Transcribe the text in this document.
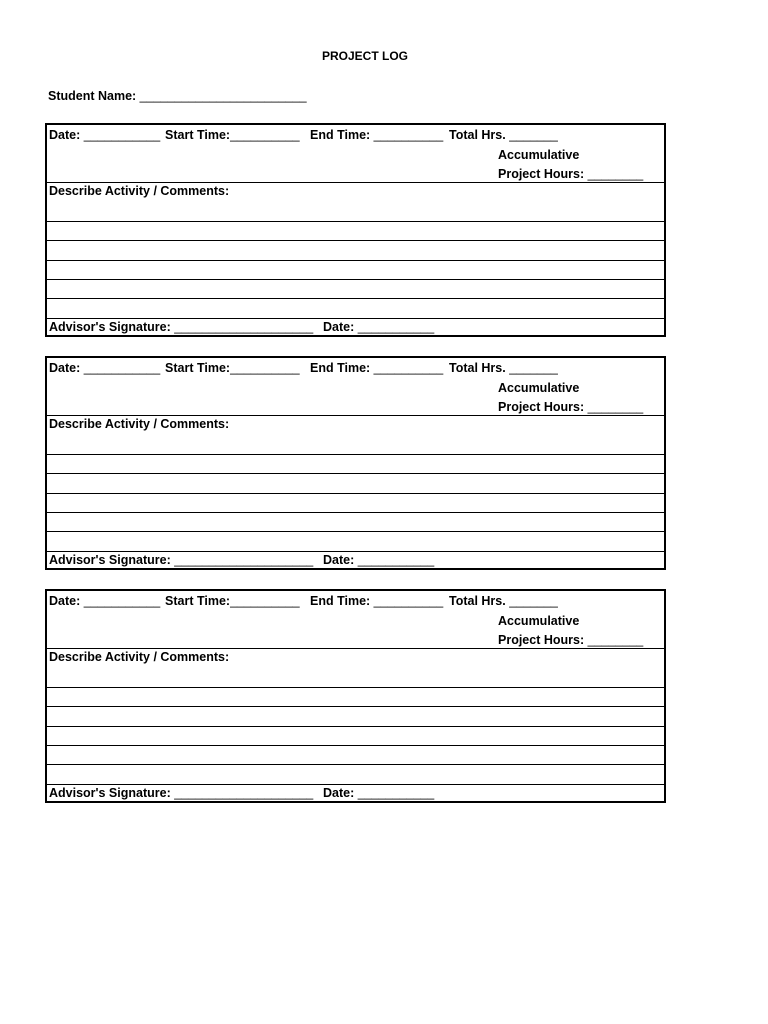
PROJECT LOG
Student Name: ________________________
Date: ___________ Start Time:__________ End Time: __________ Total Hrs. _______
Accumulative
Project Hours: ________
Describe Activity / Comments:
Advisor's Signature: ____________________ Date: ___________
Date: ___________ Start Time:__________ End Time: __________ Total Hrs. _______
Accumulative
Project Hours: ________
Describe Activity / Comments:
Advisor's Signature: ____________________ Date: ___________
Date: ___________ Start Time:__________ End Time: __________ Total Hrs. _______
Accumulative
Project Hours: ________
Describe Activity / Comments:
Advisor's Signature: ____________________ Date: ___________
